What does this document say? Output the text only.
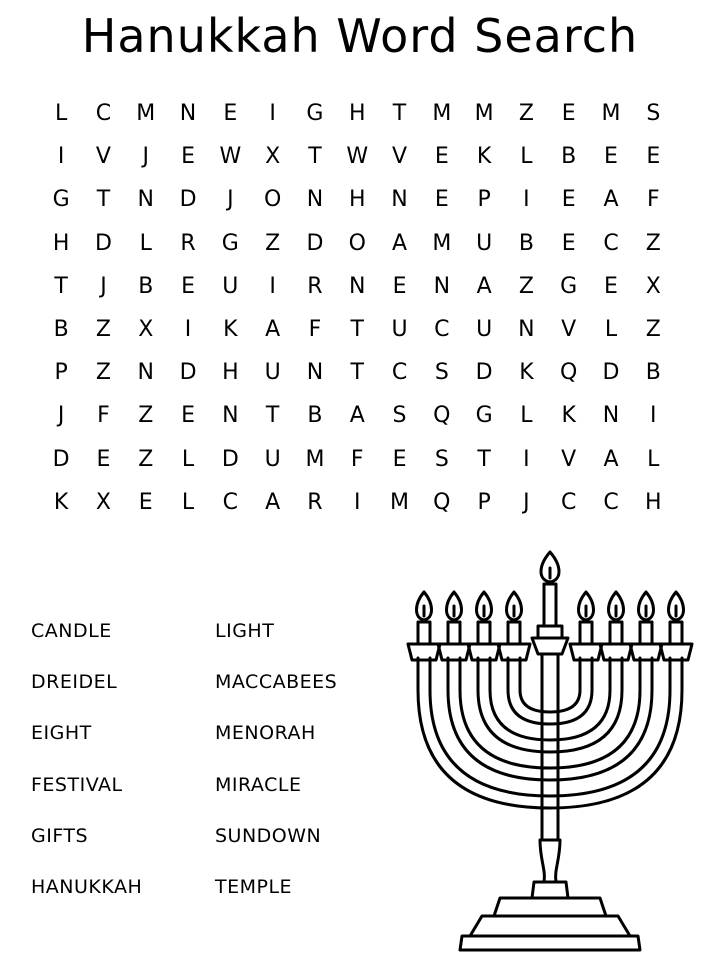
Hanukkah Word Search
L	C	M	N	E	I	G	H	T	M	M	Z	E	M	S
I	V	J	E	W	X	T	W	V	E	K	L	B	E	E
G	T	N	D	J	O	N	H	N	E	P	I	E	A	F
H	D	L	R	G	Z	D	O	A	M	U	B	E	C	Z
T	J	B	E	U	I	R	N	E	N	A	Z	G	E	X
B	Z	X	I	K	A	F	T	U	C	U	N	V	L	Z
P	Z	N	D	H	U	N	T	C	S	D	K	Q	D	B
J	F	Z	E	N	T	B	A	S	Q	G	L	K	N	I
D	E	Z	L	D	U	M	F	E	S	T	I	V	A	L
K	X	E	L	C	A	R	I	M	Q	P	J	C	C	H
CANDLE
DREIDEL
EIGHT
FESTIVAL
GIFTS
HANUKKAH
LIGHT
MACCABEES
MENORAH
MIRACLE
SUNDOWN
TEMPLE
